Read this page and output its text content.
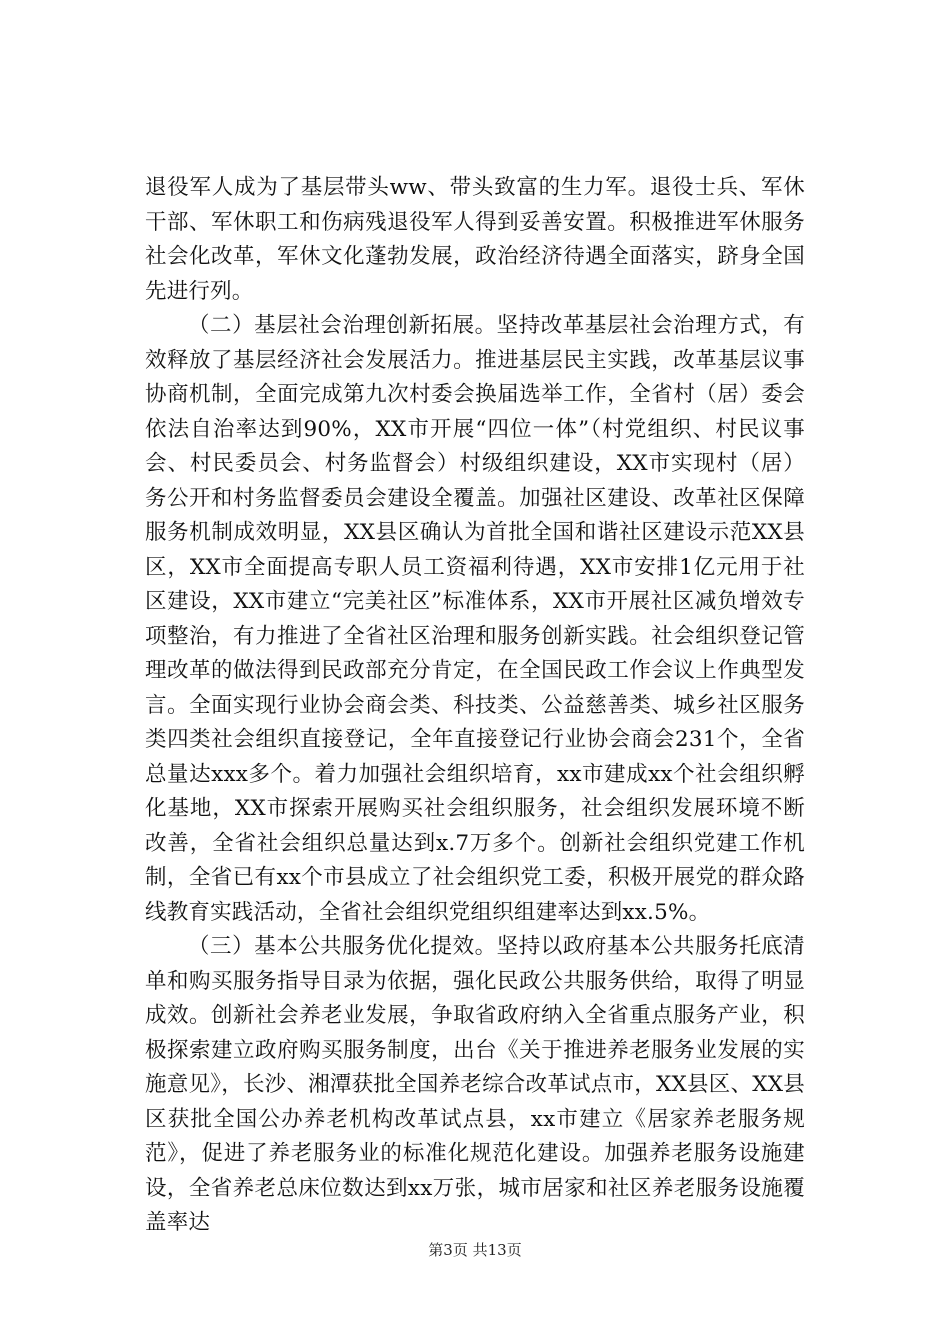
退役军人成为了基层带头ww、带头致富的生力军。退役士兵、军休干部、军休职工和伤病残退役军人得到妥善安置。积极推进军休服务社会化改革，军休文化蓬勃发展，政治经济待遇全面落实，跻身全国先进行列。

（二）基层社会治理创新拓展。坚持改革基层社会治理方式，有效释放了基层经济社会发展活力。推进基层民主实践，改革基层议事协商机制，全面完成第九次村委会换届选举工作，全省村（居）委会依法自治率达到90%，XX市开展“四位一体”（村党组织、村民议事会、村民委员会、村务监督会）村级组织建设，XX市实现村（居）务公开和村务监督委员会建设全覆盖。加强社区建设、改革社区保障服务机制成效明显，XX县区确认为首批全国和谐社区建设示范XX县区，XX市全面提高专职人员工资福利待遇，XX市安排1亿元用于社区建设，XX市建立“完美社区”标准体系，XX市开展社区减负增效专项整治，有力推进了全省社区治理和服务创新实践。社会组织登记管理改革的做法得到民政部充分肯定，在全国民政工作会议上作典型发言。全面实现行业协会商会类、科技类、公益慈善类、城乡社区服务类四类社会组织直接登记，全年直接登记行业协会商会231个，全省总量达xxx多个。着力加强社会组织培育，xx市建成xx个社会组织孵化基地，XX市探索开展购买社会组织服务，社会组织发展环境不断改善，全省社会组织总量达到x.7万多个。创新社会组织党建工作机制，全省已有xx个市县成立了社会组织党工委，积极开展党的群众路线教育实践活动，全省社会组织党组织组建率达到xx.5%。

（三）基本公共服务优化提效。坚持以政府基本公共服务托底清单和购买服务指导目录为依据，强化民政公共服务供给，取得了明显成效。创新社会养老业发展，争取省政府纳入全省重点服务产业，积极探索建立政府购买服务制度，出台《关于推进养老服务业发展的实施意见》，长沙、湘潭获批全国养老综合改革试点市，XX县区、XX县区获批全国公办养老机构改革试点县，xx市建立《居家养老服务规范》，促进了养老服务业的标准化规范化建设。加强养老服务设施建设，全省养老总床位数达到xx万张，城市居家和社区养老服务设施覆盖率达

第3页 共13页
